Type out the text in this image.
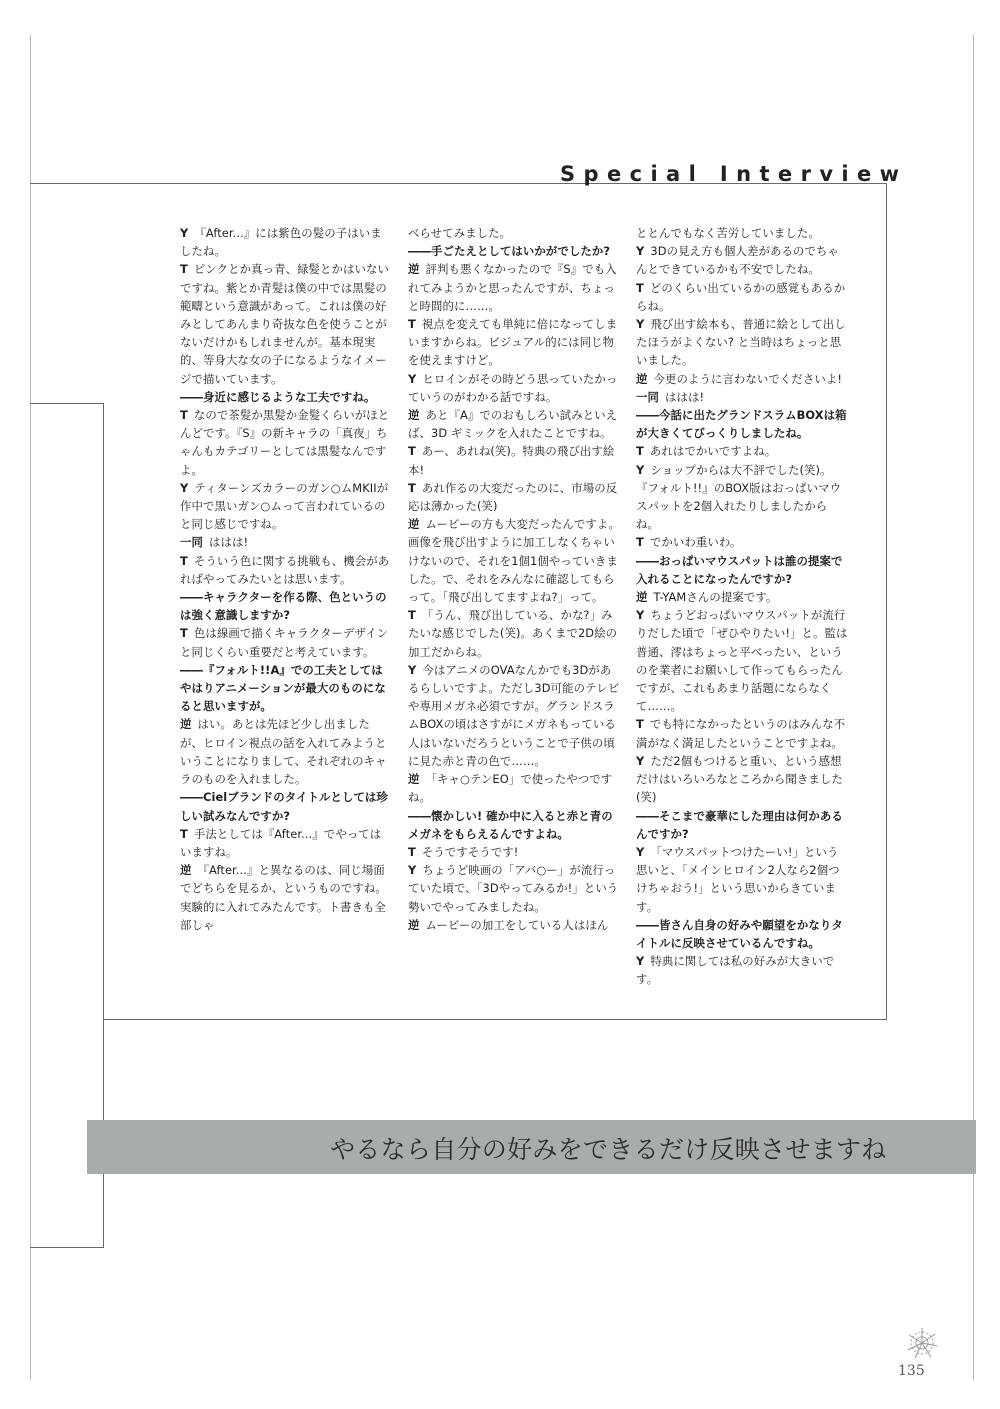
Special Interview

Y 『After...』には紫色の髪の子はいましたね。

T ピンクとか真っ青、緑髪とかはいないですね。紫とか青髪は僕の中では黒髪の範疇という意識があって。これは僕の好みとしてあんまり奇抜な色を使うことがないだけかもしれませんが。基本現実的、等身大な女の子になるようなイメージで描いています。

――身近に感じるような工夫ですね。

T なので茶髪か黒髪か金髪くらいがほとんどです。『S』の新キャラの「真夜」ちゃんもカテゴリーとしては黒髪なんですよ。

Y ティターンズカラーのガン○ムMKIIが作中で黒いガン○ムって言われているのと同じ感じですね。

一同 ははは!

T そういう色に関する挑戦も、機会があればやってみたいとは思います。

――キャラクターを作る際、色というのは強く意識しますか?

T 色は線画で描くキャラクターデザインと同じくらい重要だと考えています。

――『フォルト!!A』での工夫としてはやはりアニメーションが最大のものになると思いますが。

逆 はい。あとは先ほど少し出ましたが、ヒロイン視点の話を入れてみようということになりまして、それぞれのキャラのものを入れました。

――Cielブランドのタイトルとしては珍しい試みなんですか?

T 手法としては『After...』でやってはいますね。

逆 『After...』と異なるのは、同じ場面でどちらを見るか、というものですね。実験的に入れてみたんです。ト書きも全部しゃ

べらせてみました。

――手ごたえとしてはいかがでしたか?

逆 評判も悪くなかったので『S』でも入れてみようかと思ったんですが、ちょっと時間的に……。

T 視点を変えても単純に倍になってしまいますからね。ビジュアル的には同じ物を使えますけど。

Y ヒロインがその時どう思っていたかっていうのがわかる話ですね。

逆 あと『A』でのおもしろい試みといえば、3D ギミックを入れたことですね。

T あー、あれね(笑)。特典の飛び出す絵本!

T あれ作るの大変だったのに、市場の反応は薄かった(笑)

逆 ムービーの方も大変だったんですよ。画像を飛び出すように加工しなくちゃいけないので、それを1個1個やっていきました。で、それをみんなに確認してもらって。「飛び出してますよね?」って。

T 「うん、飛び出している、かな?」みたいな感じでした(笑)。あくまで2D絵の加工だからね。

Y 今はアニメのOVAなんかでも3Dがあるらしいですよ。ただし3D可能のテレビや専用メガネ必須ですが。グランドスラムBOXの頃はさすがにメガネもっている人はいないだろうということで子供の頃に見た赤と青の色で……。

逆 「キャ○テンEO」で使ったやつですね。

――懐かしい! 確か中に入ると赤と青のメガネをもらえるんですよね。

T そうですそうです!

Y ちょうど映画の「アバ○ー」が流行っていた頃で、「3Dやってみるか!」という勢いでやってみましたね。

逆 ムービーの加工をしている人はほん

ととんでもなく苦労していました。

Y 3Dの見え方も個人差があるのでちゃんとできているかも不安でしたね。

T どのくらい出ているかの感覚もあるからね。

Y 飛び出す絵本も、普通に絵として出したほうがよくない? と当時はちょっと思いました。

逆 今更のように言わないでくださいよ!

一同 ははは!

――今話に出たグランドスラムBOXは箱が大きくてびっくりしましたね。

T あれはでかいですよね。

Y ショップからは大不評でした(笑)。『フォルト!!』のBOX版はおっぱいマウスパットを2個入れたりしましたからね。

T でかいわ重いわ。

――おっぱいマウスパットは誰の提案で入れることになったんですか?

逆 T-YAMさんの提案です。

Y ちょうどおっぱいマウスパットが流行りだした頃で「ぜひやりたい!」と。監は普通、澪はちょっと平べったい、というのを業者にお願いして作ってもらったんですが、これもあまり話題にならなくて……。

T でも特になかったというのはみんな不満がなく満足したということですよね。

Y ただ2個もつけると重い、という感想だけはいろいろなところから聞きました(笑)

――そこまで豪華にした理由は何かあるんですか?

Y 「マウスパットつけたーい!」という思いと、「メインヒロイン2人なら2個つけちゃおう!」という思いからきています。

――皆さん自身の好みや願望をかなりタイトルに反映させているんですね。

Y 特典に関しては私の好みが大きいです。

やるなら自分の好みをできるだけ反映させますね
135
